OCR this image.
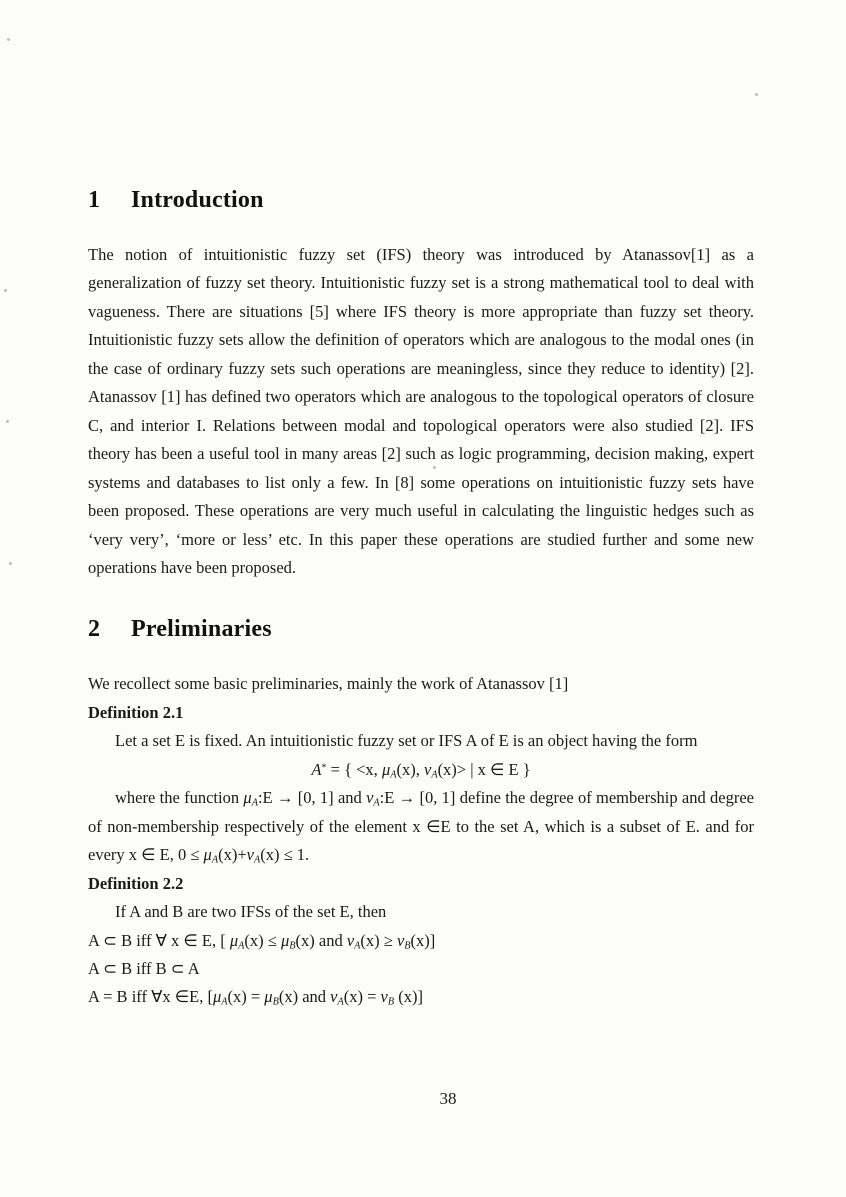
1	Introduction

The notion of intuitionistic fuzzy set (IFS) theory was introduced by Atanassov[1] as a generalization of fuzzy set theory. Intuitionistic fuzzy set is a strong mathematical tool to deal with vagueness. There are situations [5] where IFS theory is more appropriate than fuzzy set theory. Intuitionistic fuzzy sets allow the definition of operators which are analogous to the modal ones (in the case of ordinary fuzzy sets such operations are meaningless, since they reduce to identity) [2]. Atanassov [1] has defined two operators which are analogous to the topological operators of closure C, and interior I. Relations between modal and topological operators were also studied [2]. IFS theory has been a useful tool in many areas [2] such as logic programming, decision making, expert systems and databases to list only a few. In [8] some operations on intuitionistic fuzzy sets have been proposed. These operations are very much useful in calculating the linguistic hedges such as ‘very very’, ‘more or less’ etc. In this paper these operations are studied further and some new operations have been proposed.

2	Preliminaries

We recollect some basic preliminaries, mainly the work of Atanassov [1]

Definition 2.1

Let a set E is fixed. An intuitionistic fuzzy set or IFS A of E is an object having the form

A* = { <x, $\mu_A(x)$, $\nu_A(x)>$ | x ∈ E }

where the function $\mu_A:E \to [0$, 1] and $\nu_A:E \to [0$, 1] define the degree of membership and degree of non-membership respectively of the element x ∈E to the set A, which is a subset of E. and for every x ∈ E, $0 \le \mu_A(x)+\nu_A(x) \le 1$.

Definition 2.2

If A and B are two IFSs of the set E, then

A ⊂ B iff ∀ x ∈ E, [ $\mu_A(x) \le \mu_B(x)$ and $\nu_A(x) \ge \nu_B(x)$]

A ⊂ B iff B ⊂ A

A = B iff ∀x ∈E, [$\mu_A(x) = \mu_B(x)$ and $\nu_A(x) = \nu_B$ (x)]

38
